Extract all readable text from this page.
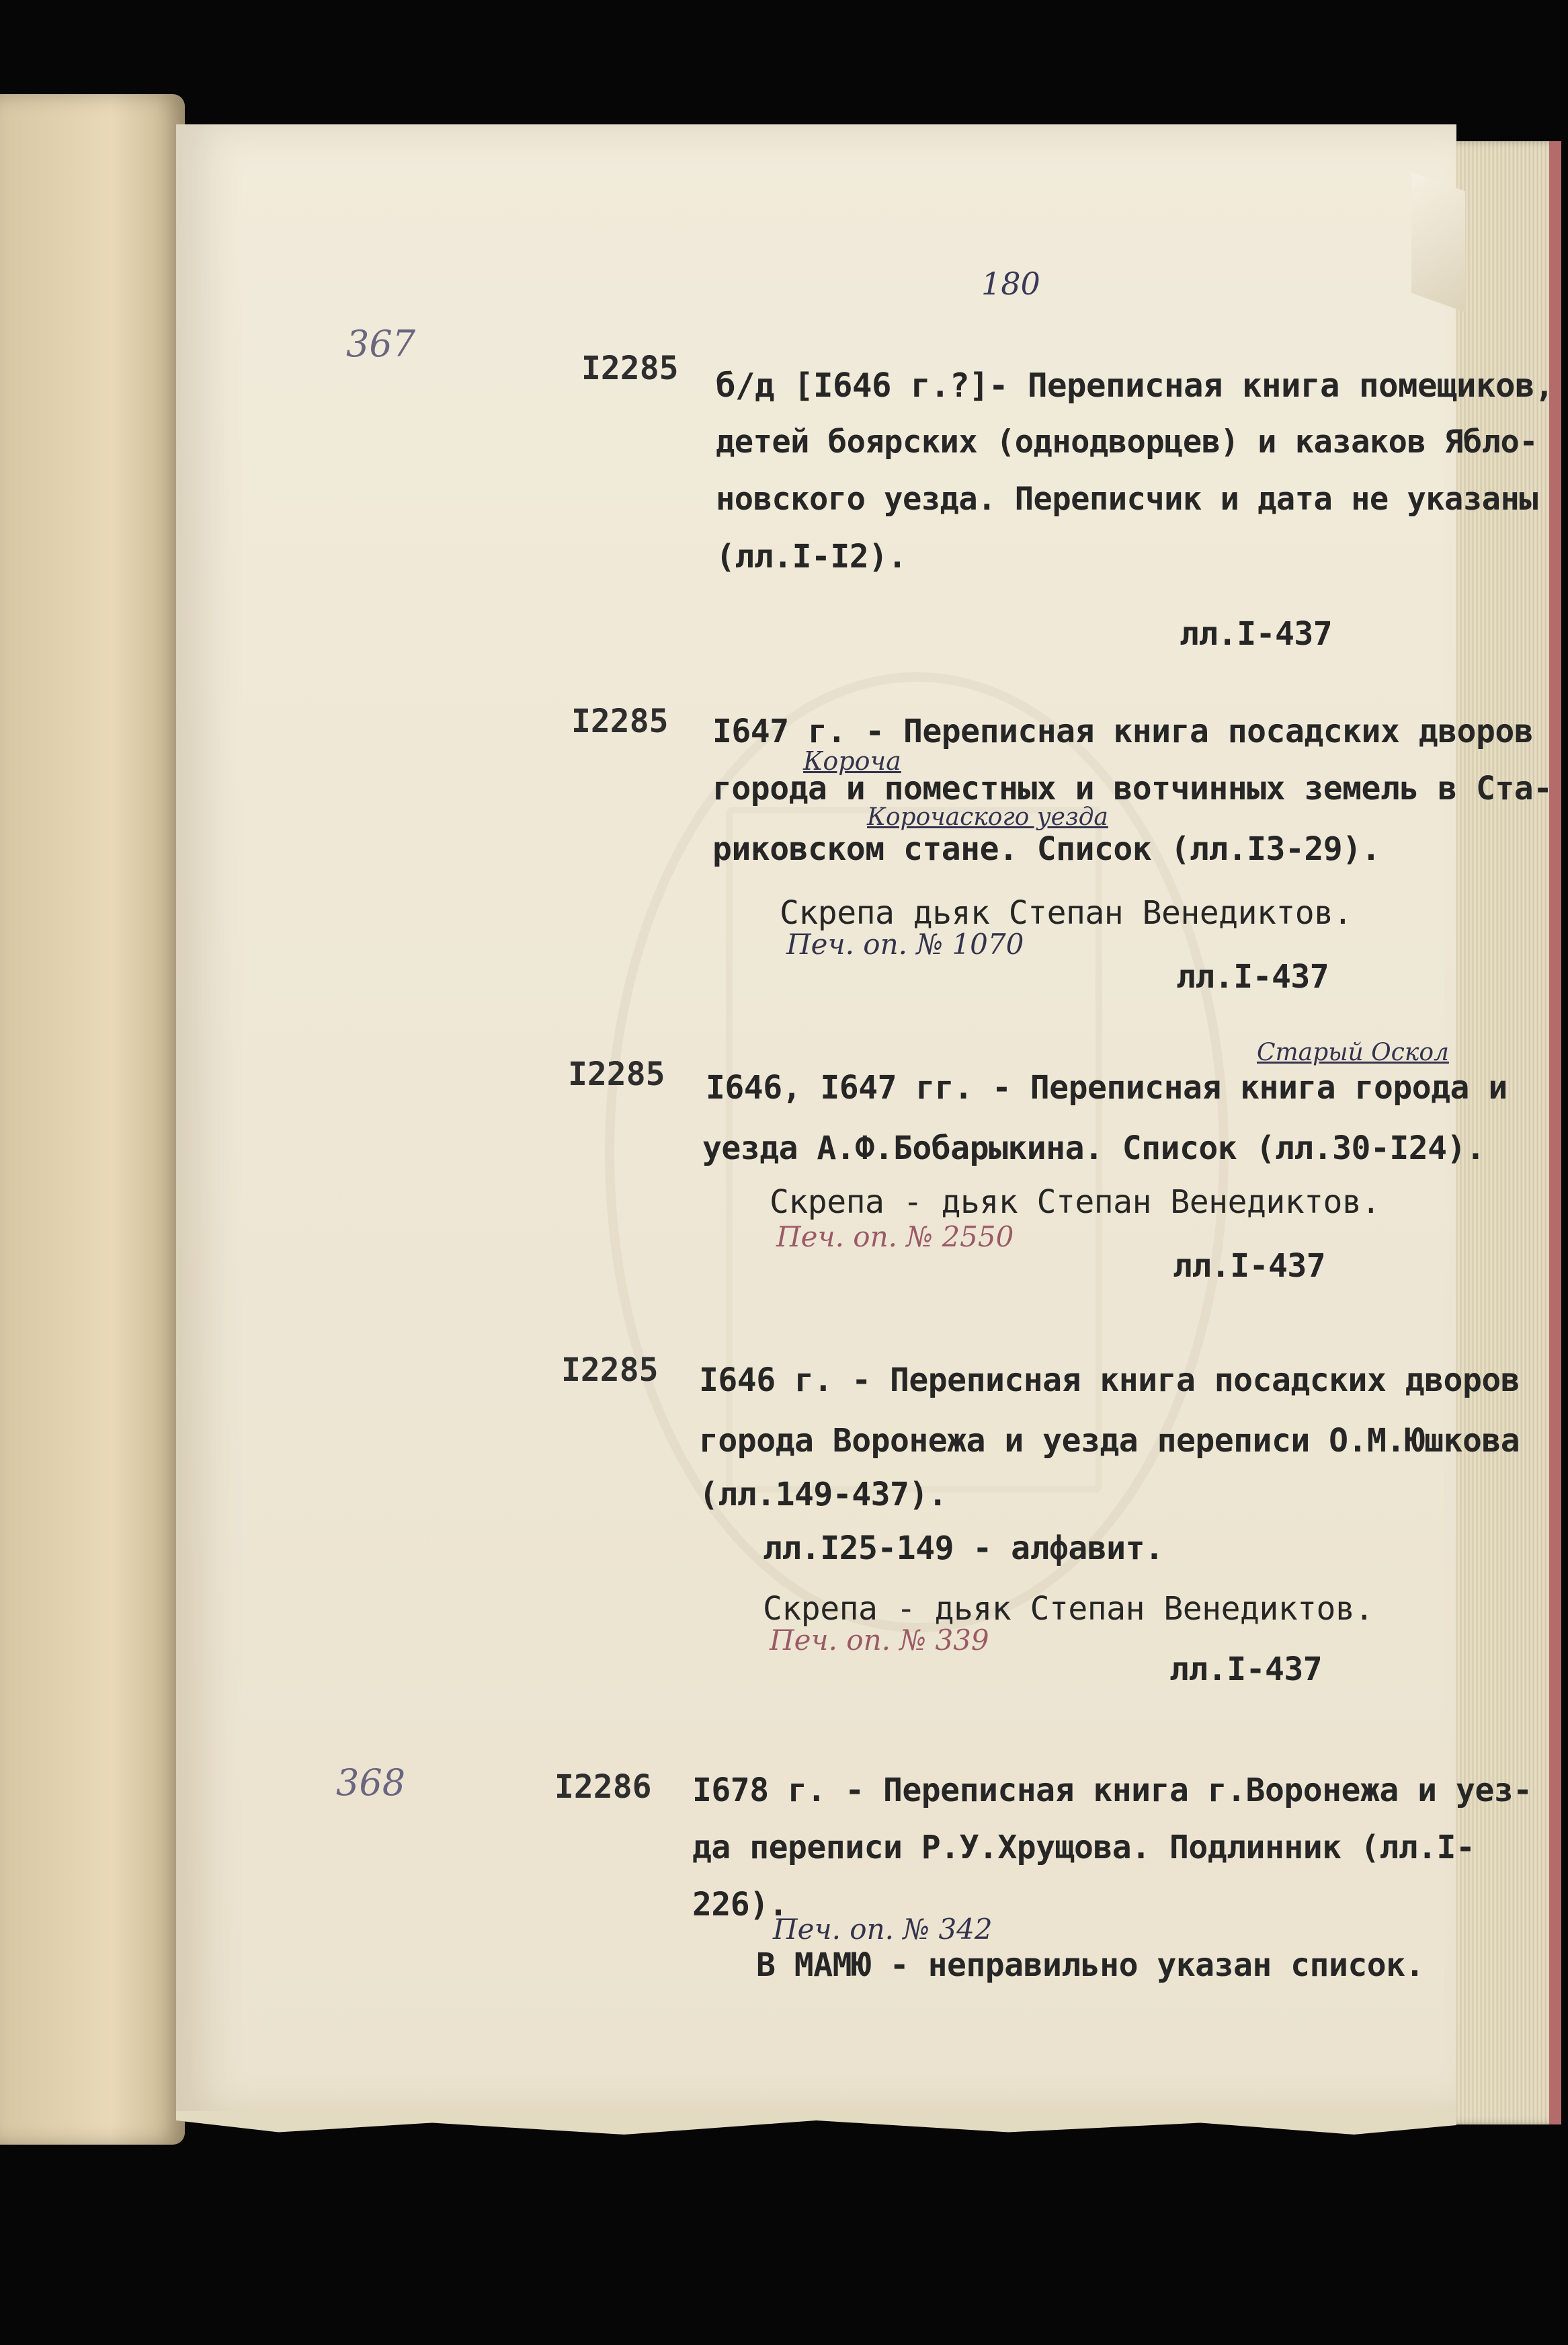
180
367
I2285 б/д [I646 г.?]- Переписная книга помещиков,
детей боярских (однодворцев) и казаков Ябло-
новского уезда. Переписчик и дата не указаны
(лл.I-I2).
лл.I-437
I2285
Короча
I647 г. - Переписная книга посадских дворов
Корочаского уезда
города и поместных и вотчинных земель в Ста-
риковском стане. Список (лл.I3-29).
Скрепа дьяк Степан Венедиктов.
Печ. оп. № 1070
лл.I-437
I2285
Старый Оскол
I646, I647 гг. - Переписная книга города и
уезда А.Ф.Бобарыкина. Список (лл.30-I24).
Скрепа - дьяк Степан Венедиктов.
Печ. оп. № 2550
лл.I-437
I2285 I646 г. - Переписная книга посадских дворов
города Воронежа и уезда переписи О.М.Юшкова
(лл.149-437).
лл.I25-149 - алфавит.
Скрепа - дьяк Степан Венедиктов.
Печ. оп. № 339
лл.I-437
368	I2286 I678 г. - Переписная книга г.Воронежа и уез-
да переписи Р.У.Хрущова. Подлинник (лл.I-
226).
Печ. оп. № 342
В МАМЮ - неправильно указан список.
